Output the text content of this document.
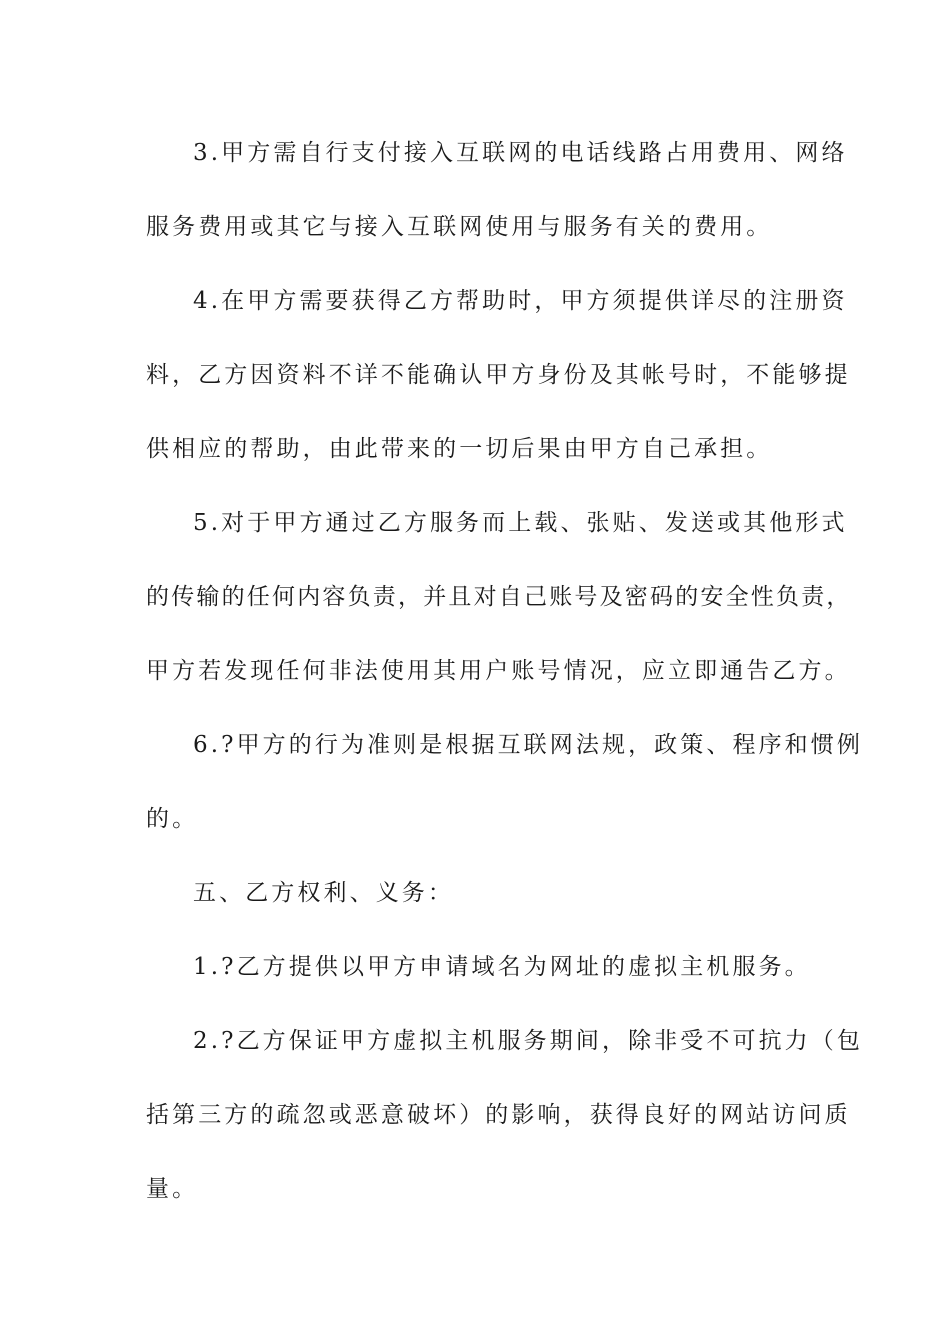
3.甲方需自行支付接入互联网的电话线路占用费用、网络
服务费用或其它与接入互联网使用与服务有关的费用。
4.在甲方需要获得乙方帮助时，甲方须提供详尽的注册资
料，乙方因资料不详不能确认甲方身份及其帐号时，不能够提
供相应的帮助，由此带来的一切后果由甲方自己承担。
5.对于甲方通过乙方服务而上载、张贴、发送或其他形式
的传输的任何内容负责，并且对自己账号及密码的安全性负责，
甲方若发现任何非法使用其用户账号情况，应立即通告乙方。
6.?甲方的行为准则是根据互联网法规，政策、程序和惯例
的。
五、乙方权利、义务：
1.?乙方提供以甲方申请域名为网址的虚拟主机服务。
2.?乙方保证甲方虚拟主机服务期间，除非受不可抗力（包
括第三方的疏忽或恶意破坏）的影响，获得良好的网站访问质
量。
